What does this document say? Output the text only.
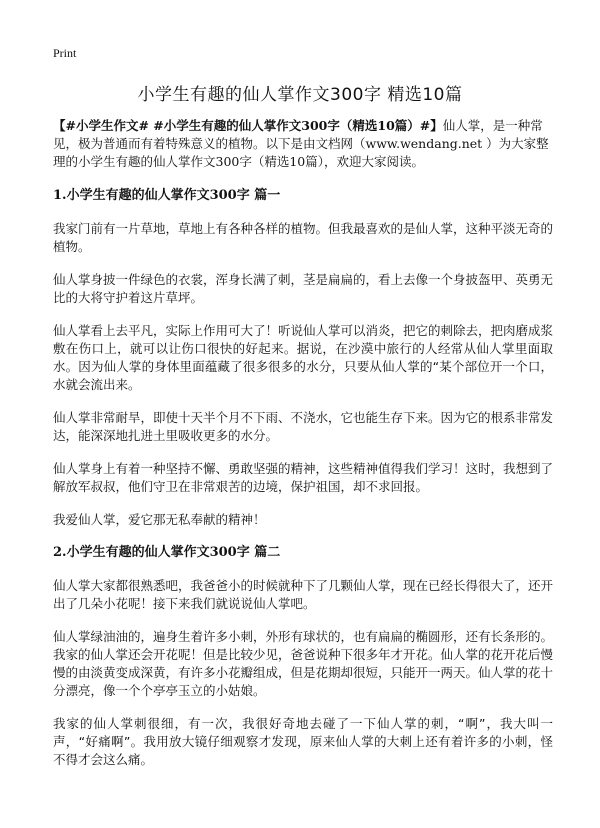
Print
小学生有趣的仙人掌作文300字 精选10篇

【#小学生作文# #小学生有趣的仙人掌作文300字（精选10篇）#】仙人掌，是一种常见，极为普通而有着特殊意义的植物。以下是由文档网（www.wendang.net ）为大家整理的小学生有趣的仙人掌作文300字（精选10篇），欢迎大家阅读。

1.小学生有趣的仙人掌作文300字 篇一

我家门前有一片草地，草地上有各种各样的植物。但我最喜欢的是仙人掌，这种平淡无奇的植物。

仙人掌身披一件绿色的衣裳，浑身长满了刺，茎是扁扁的，看上去像一个身披盔甲、英勇无比的大将守护着这片草坪。

仙人掌看上去平凡，实际上作用可大了！听说仙人掌可以消炎，把它的刺除去，把肉磨成浆敷在伤口上，就可以让伤口很快的好起来。据说，在沙漠中旅行的人经常从仙人掌里面取水。因为仙人掌的身体里面蕴藏了很多很多的水分，只要从仙人掌的“某个部位开一个口，水就会流出来。

仙人掌非常耐旱，即使十天半个月不下雨、不浇水，它也能生存下来。因为它的根系非常发达，能深深地扎进土里吸收更多的水分。

仙人掌身上有着一种坚持不懈、勇敢坚强的精神，这些精神值得我们学习！这时，我想到了解放军叔叔，他们守卫在非常艰苦的边境，保护祖国，却不求回报。

我爱仙人掌，爱它那无私奉献的精神！

2.小学生有趣的仙人掌作文300字 篇二

仙人掌大家都很熟悉吧，我爸爸小的时候就种下了几颗仙人掌，现在已经长得很大了，还开出了几朵小花呢！接下来我们就说说仙人掌吧。

仙人掌绿油油的，遍身生着许多小刺，外形有球状的，也有扁扁的椭圆形，还有长条形的。我家的仙人掌还会开花呢！但是比较少见，爸爸说种下很多年才开花。仙人掌的花开花后慢慢的由淡黄变成深黄，有许多小花瓣组成，但是花期却很短，只能开一两天。仙人掌的花十分漂亮，像一个个亭亭玉立的小姑娘。

我家的仙人掌刺很细，有一次，我很好奇地去碰了一下仙人掌的刺，“啊”，我大叫一声，“好痛啊”。我用放大镜仔细观察才发现，原来仙人掌的大刺上还有着许多的小刺，怪不得才会这么痛。
